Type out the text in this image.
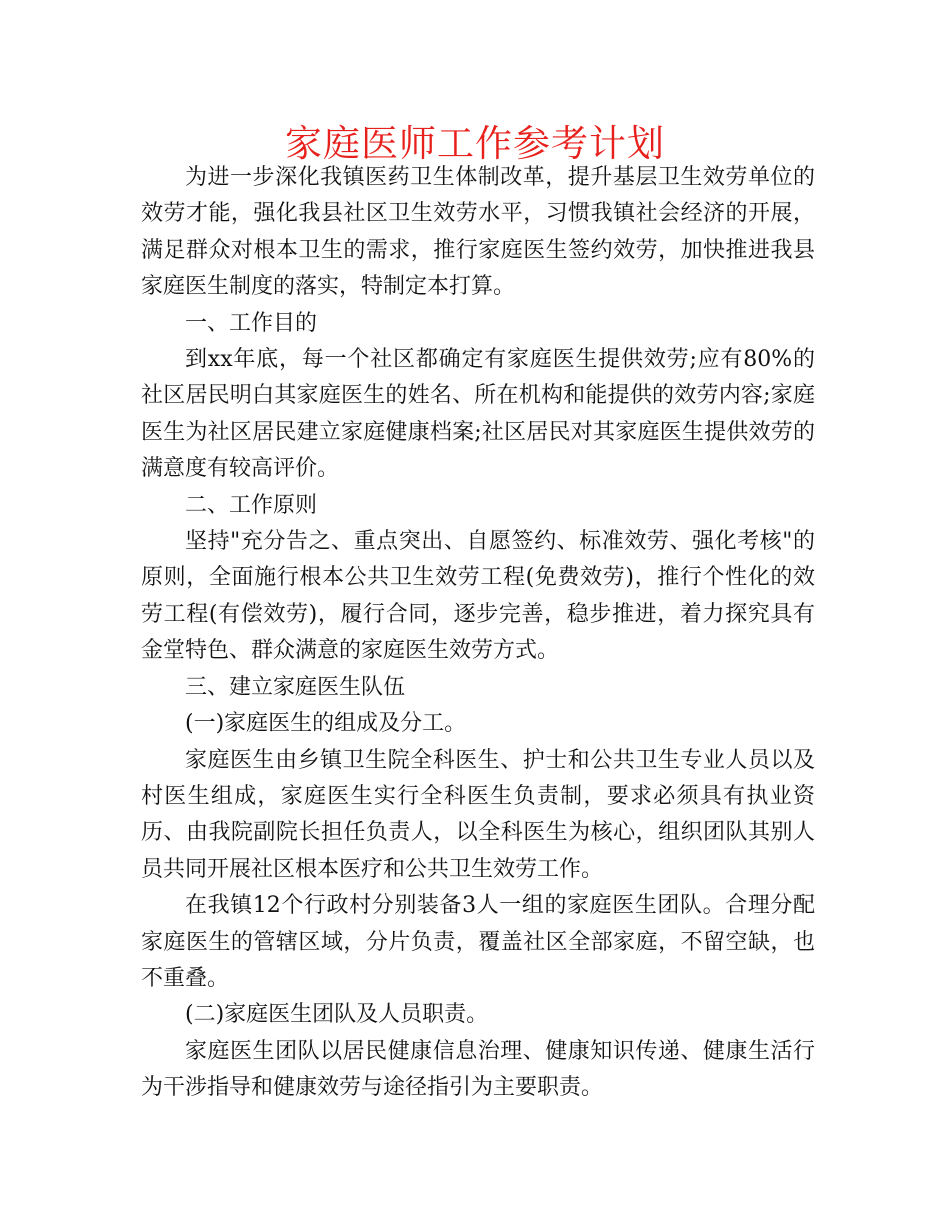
家庭医师工作参考计划

为进一步深化我镇医药卫生体制改革，提升基层卫生效劳单位的效劳才能，强化我县社区卫生效劳水平，习惯我镇社会经济的开展，满足群众对根本卫生的需求，推行家庭医生签约效劳，加快推进我县家庭医生制度的落实，特制定本打算。

一、工作目的

到xx年底，每一个社区都确定有家庭医生提供效劳;应有80%的社区居民明白其家庭医生的姓名、所在机构和能提供的效劳内容;家庭医生为社区居民建立家庭健康档案;社区居民对其家庭医生提供效劳的满意度有较高评价。

二、工作原则

坚持"充分告之、重点突出、自愿签约、标准效劳、强化考核"的原则，全面施行根本公共卫生效劳工程(免费效劳)，推行个性化的效劳工程(有偿效劳)，履行合同，逐步完善，稳步推进，着力探究具有金堂特色、群众满意的家庭医生效劳方式。

三、建立家庭医生队伍

(一)家庭医生的组成及分工。

家庭医生由乡镇卫生院全科医生、护士和公共卫生专业人员以及村医生组成，家庭医生实行全科医生负责制，要求必须具有执业资历、由我院副院长担任负责人，以全科医生为核心，组织团队其别人员共同开展社区根本医疗和公共卫生效劳工作。

在我镇12个行政村分别装备3人一组的家庭医生团队。合理分配家庭医生的管辖区域，分片负责，覆盖社区全部家庭，不留空缺，也不重叠。

(二)家庭医生团队及人员职责。

家庭医生团队以居民健康信息治理、健康知识传递、健康生活行为干涉指导和健康效劳与途径指引为主要职责。
